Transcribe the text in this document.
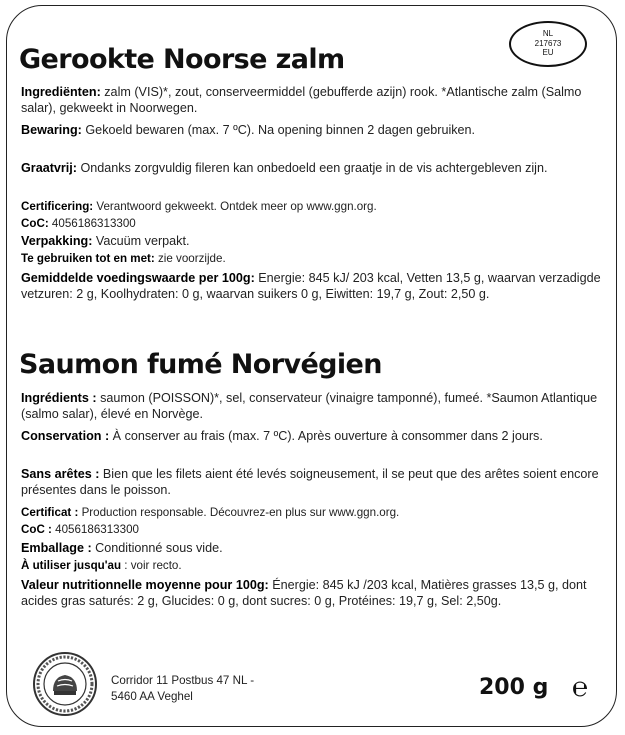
NL
217673
EU
Gerookte Noorse zalm

Ingrediënten: zalm (VIS)*, zout, conserveermiddel (gebufferde azijn) rook. *Atlantische zalm (Salmo salar), gekweekt in Noorwegen.

Bewaring: Gekoeld bewaren (max. 7 ºC). Na opening binnen 2 dagen gebruiken.

Graatvrij: Ondanks zorgvuldig fileren kan onbedoeld een graatje in de vis achtergebleven zijn.

Certificering: Verantwoord gekweekt. Ontdek meer op www.ggn.org.

CoC: 4056186313300

Verpakking: Vacuüm verpakt.

Te gebruiken tot en met: zie voorzijde.

Gemiddelde voedingswaarde per 100g: Energie: 845 kJ/ 203 kcal, Vetten 13,5 g, waarvan verzadigde vetzuren: 2 g, Koolhydraten: 0 g, waarvan suikers 0 g, Eiwitten: 19,7 g, Zout: 2,50 g.

Saumon fumé Norvégien

Ingrédients : saumon (POISSON)*, sel, conservateur (vinaigre tamponné), fumeé. *Saumon Atlantique (salmo salar), élevé en Norvège.

Conservation : À conserver au frais (max. 7 ºC). Après ouverture à consommer dans 2 jours.

Sans arêtes : Bien que les filets aient été levés soigneusement, il se peut que des arêtes soient encore présentes dans le poisson.

Certificat : Production responsable. Découvrez-en plus sur www.ggn.org.

CoC : 4056186313300

Emballage : Conditionné sous vide.

À utiliser jusqu'au : voir recto.

Valeur nutritionnelle moyenne pour 100g: Énergie: 845 kJ /203 kcal, Matières grasses 13,5 g, dont acides gras saturés: 2 g, Glucides: 0 g, dont sucres: 0 g, Protéines: 19,7 g, Sel: 2,50g.

Corridor 11 Postbus 47 NL -
5460 AA Veghel	200 g ℮
